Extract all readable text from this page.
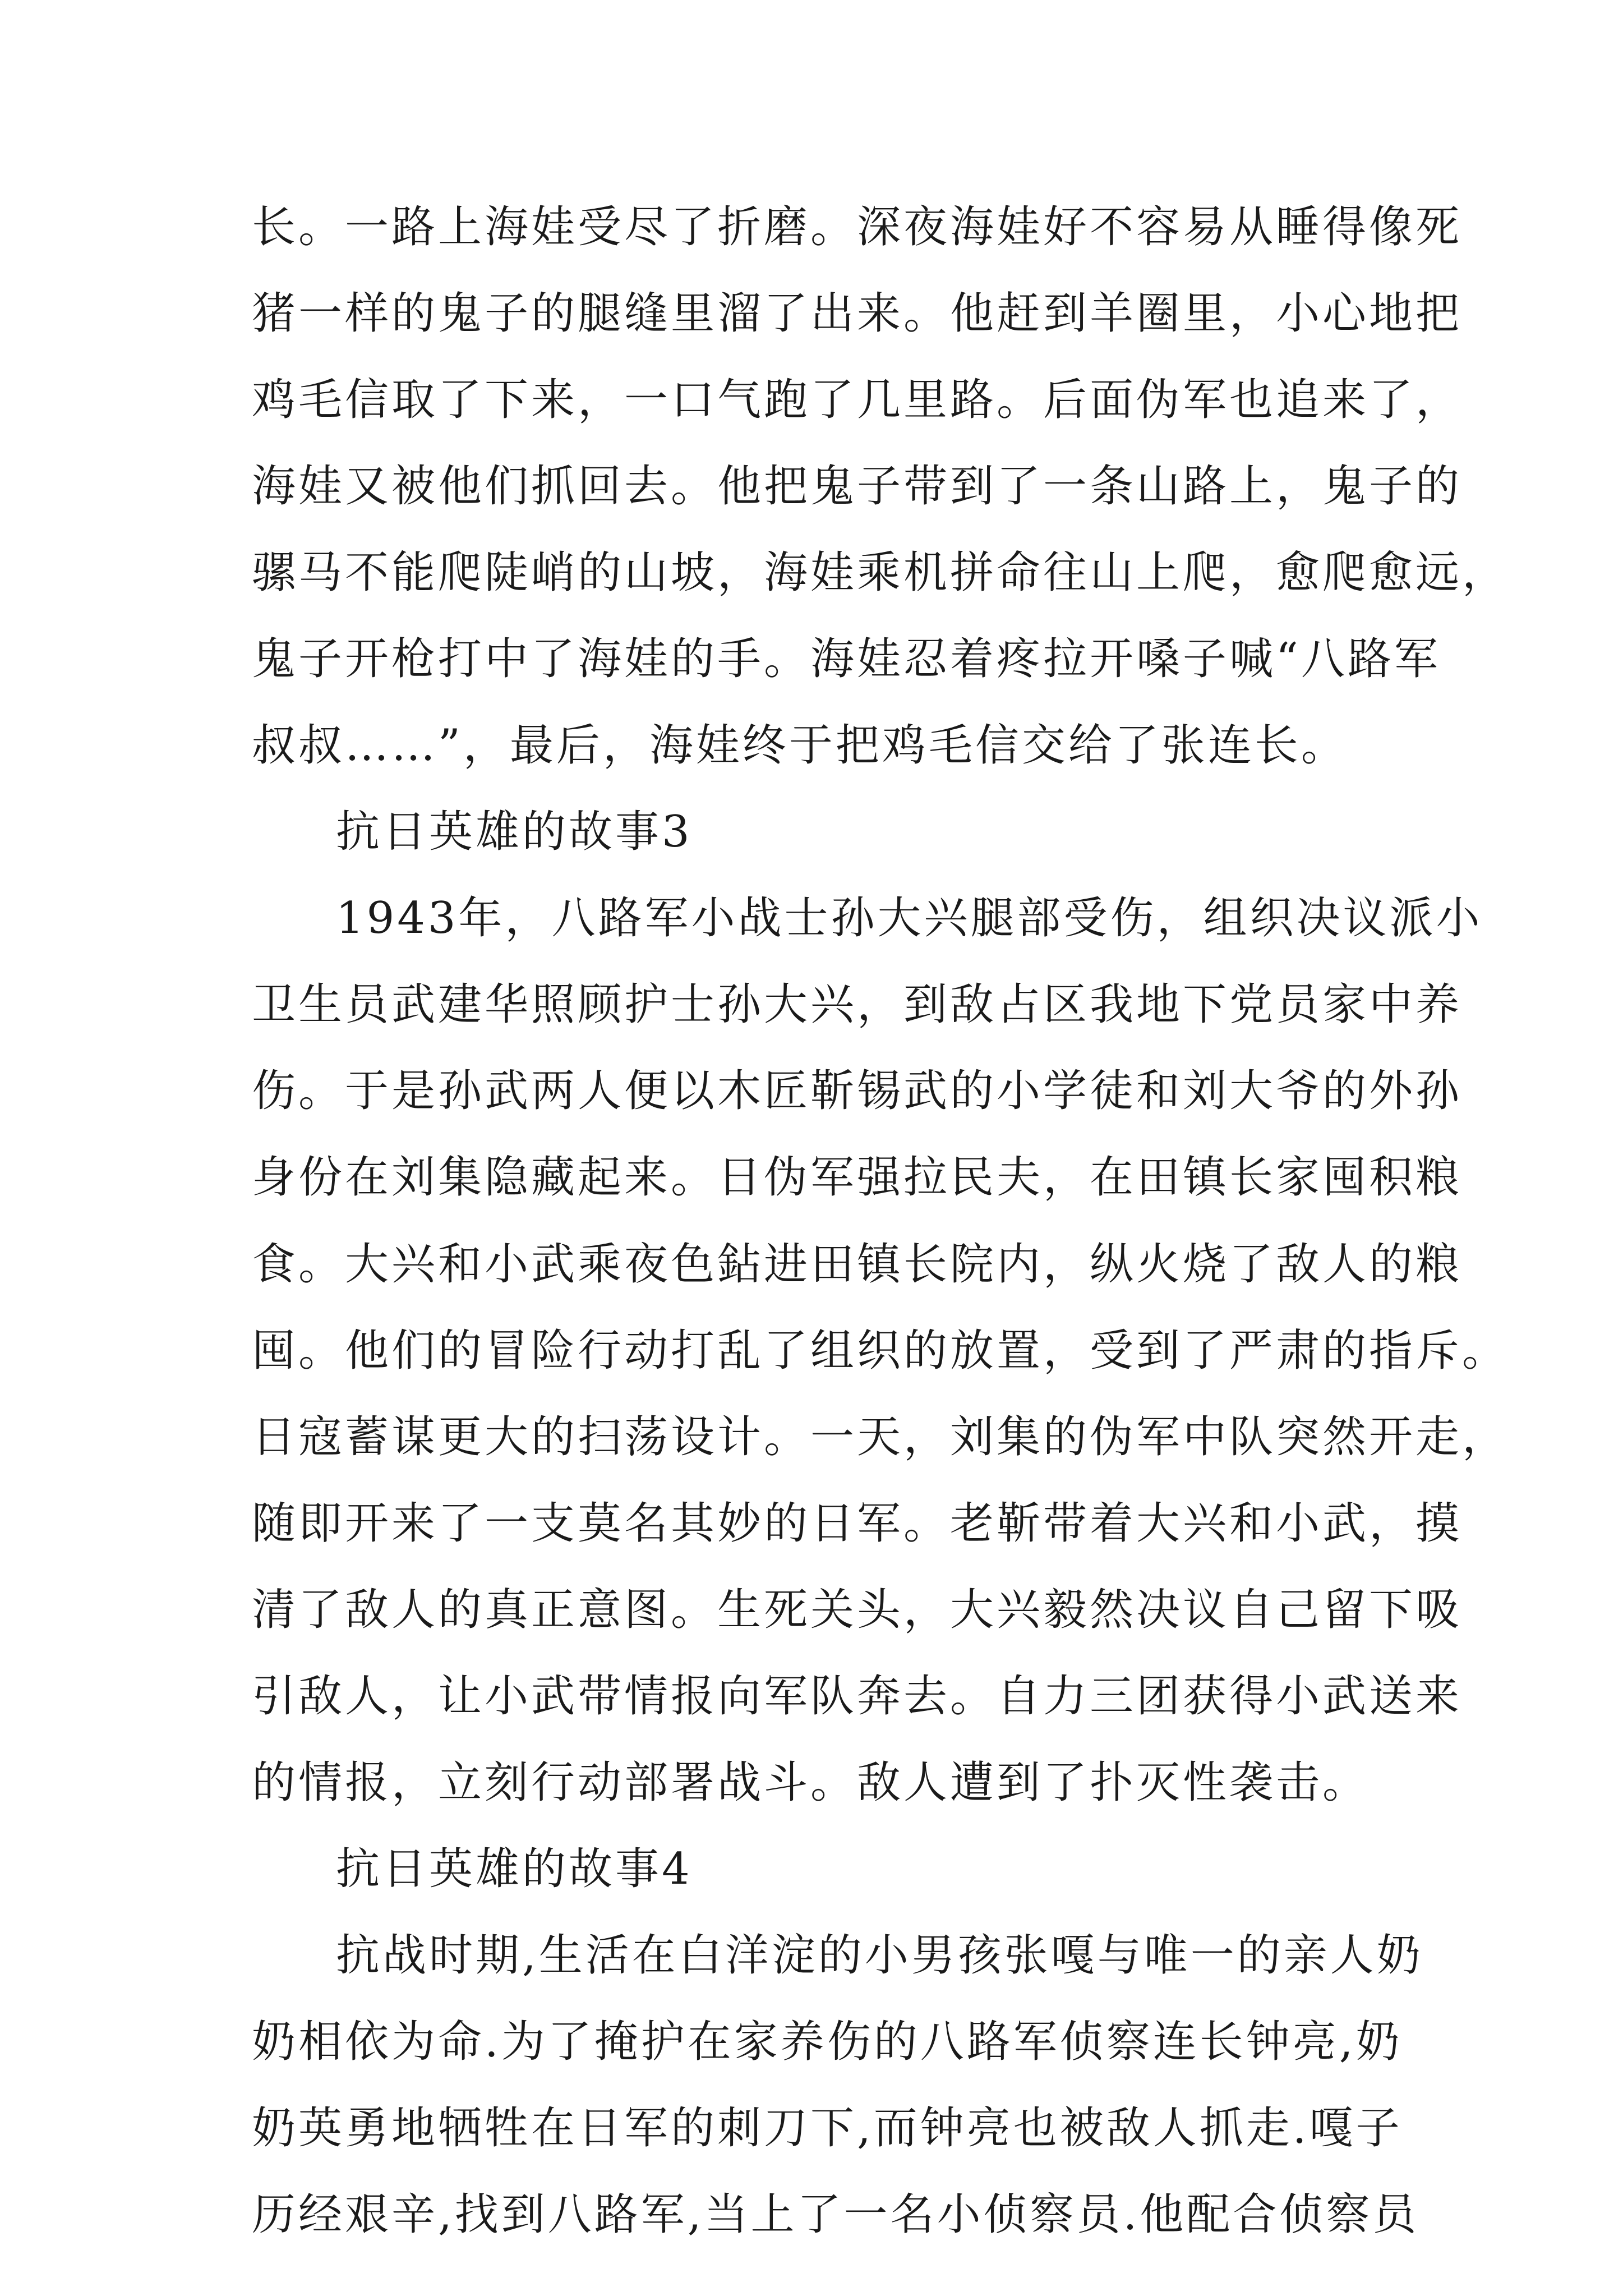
长。一路上海娃受尽了折磨。深夜海娃好不容易从睡得像死
猪一样的鬼子的腿缝里溜了出来。他赶到羊圈里，小心地把
鸡毛信取了下来，一口气跑了几里路。后面伪军也追来了，
海娃又被他们抓回去。他把鬼子带到了一条山路上，鬼子的
骡马不能爬陡峭的山坡，海娃乘机拼命往山上爬，愈爬愈远，
鬼子开枪打中了海娃的手。海娃忍着疼拉开嗓子喊“八路军
叔叔……”，最后，海娃终于把鸡毛信交给了张连长。
抗日英雄的故事3
1943年，八路军小战士孙大兴腿部受伤，组织决议派小
卫生员武建华照顾护士孙大兴，到敌占区我地下党员家中养
伤。于是孙武两人便以木匠靳锡武的小学徒和刘大爷的外孙
身份在刘集隐藏起来。日伪军强拉民夫，在田镇长家囤积粮
食。大兴和小武乘夜色鉆进田镇长院内，纵火烧了敌人的粮
囤。他们的冒险行动打乱了组织的放置，受到了严肃的指斥。
日寇蓄谋更大的扫荡设计。一天，刘集的伪军中队突然开走，
随即开来了一支莫名其妙的日军。老靳带着大兴和小武，摸
清了敌人的真正意图。生死关头，大兴毅然决议自己留下吸
引敌人，让小武带情报向军队奔去。自力三团获得小武送来
的情报，立刻行动部署战斗。敌人遭到了扑灭性袭击。
抗日英雄的故事4
抗战时期,生活在白洋淀的小男孩张嘎与唯一的亲人奶
奶相依为命.为了掩护在家养伤的八路军侦察连长钟亮,奶
奶英勇地牺牲在日军的刺刀下,而钟亮也被敌人抓走.嘎子
历经艰辛,找到八路军,当上了一名小侦察员.他配合侦察员
